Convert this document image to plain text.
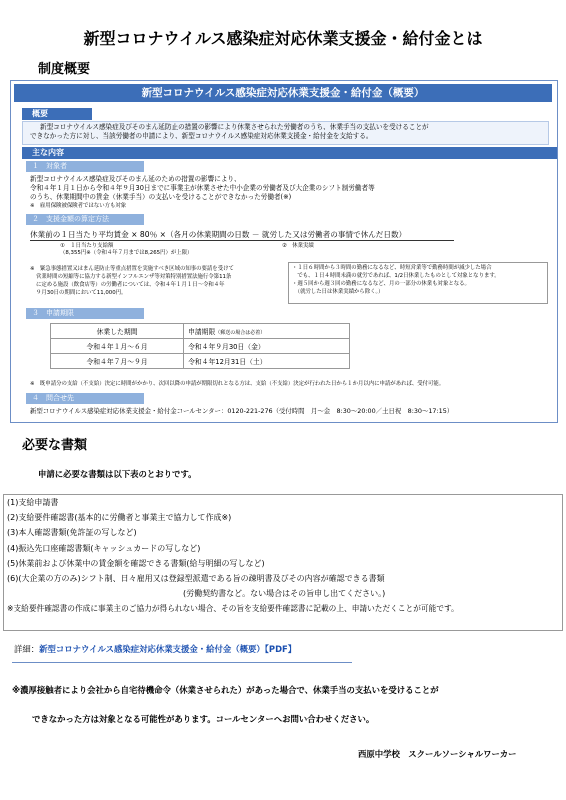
新型コロナウイルス感染症対応休業支援金・給付金とは
制度概要
新型コロナウイルス感染症対応休業支援金・給付金（概要）
概要
新型コロナウイルス感染症及びそのまん延防止の措置の影響により休業させられた労働者のうち、休業手当の支払いを受けることが
できなかった方に対し、当該労働者の申請により、新型コロナウイルス感染症対応休業支援金・給付金を支給する。
主な内容
１　対象者
新型コロナウイルス感染症及びそのまん延のための措置の影響により、
令和４年１月１日から令和４年９月30日までに事業主が休業させた中小企業の労働者及び大企業のシフト制労働者等
のうち、休業期間中の賃金（休業手当）の支払いを受けることができなかった労働者(※)
※　雇用保険被保険者ではない方も対象
２　支援金額の算定方法
休業前の１日当たり平均賃金 × 80％ ×（各月の休業期間の日数 － 就労した又は労働者の事情で休んだ日数）
①　１日当たり支給額
（8,355円※（令和４年７月までは8,265円）が上限）
②　休業実績
※　緊急事態措置又はまん延防止等重点措置を実施すべき区域の知事の要請を受けて
営業時間の短縮等に協力する新型インフルエンザ等対策特別措置法施行令第11条
に定める施設（飲食店等）の労働者については、令和４年１月１日～令和４年
９月30日の期間において11,000円。
・１日６時間から３時間の勤務になるなど、時短営業等で勤務時間が減少した場合
　でも、１日４時間未満の就労であれば、1/2日休業したものとして対象となります。
・週５回から週３回の勤務になるなど、月の一部分の休業も対象となる。
　（就労した日は休業実績から除く。）
３　申請期限
休業した期間	申請期限（郵送の場合は必着）
令和４年１月～６月	令和４年９月30日（金）
令和４年７月～９月	令和４年12月31日（土）
※　既申請分の支給（不支給）決定に時間がかかり、次回以降の申請が期限切れとなる方は、支給（不支給）決定が行われた日から１か月以内に申請があれば、受付可能。
４　問合せ先
新型コロナウイルス感染症対応休業支援金・給付金コールセンター：0120-221-276（受付時間　月～金　8:30～20:00／土日祝　8:30～17:15）
必要な書類
申請に必要な書類は以下表のとおりです。
(1)支給申請書
(2)支給要件確認書(基本的に労働者と事業主で協力して作成※)
(3)本人確認書類(免許証の写しなど)
(4)振込先口座確認書類(キャッシュカードの写しなど)
(5)休業前および休業中の賃金額を確認できる書類(給与明細の写しなど)
(6)(大企業の方のみ)シフト制、日々雇用又は登録型派遣である旨の疎明書及びその内容が確認できる書類
　　　　　　　　　　　　　　　　　　　　　　(労働契約書など。ない場合はその旨申し出てください。)
※支給要件確認書の作成に事業主のご協力が得られない場合、その旨を支給要件確認書に記載の上、申請いただくことが可能です。
詳細：新型コロナウイルス感染症対応休業支援金・給付金（概要）【PDF】
※濃厚接触者により会社から自宅待機命令（休業させられた）があった場合で、休業手当の支払いを受けることが
できなかった方は対象となる可能性があります。コールセンターへお問い合わせください。
西原中学校　スクールソーシャルワーカー
